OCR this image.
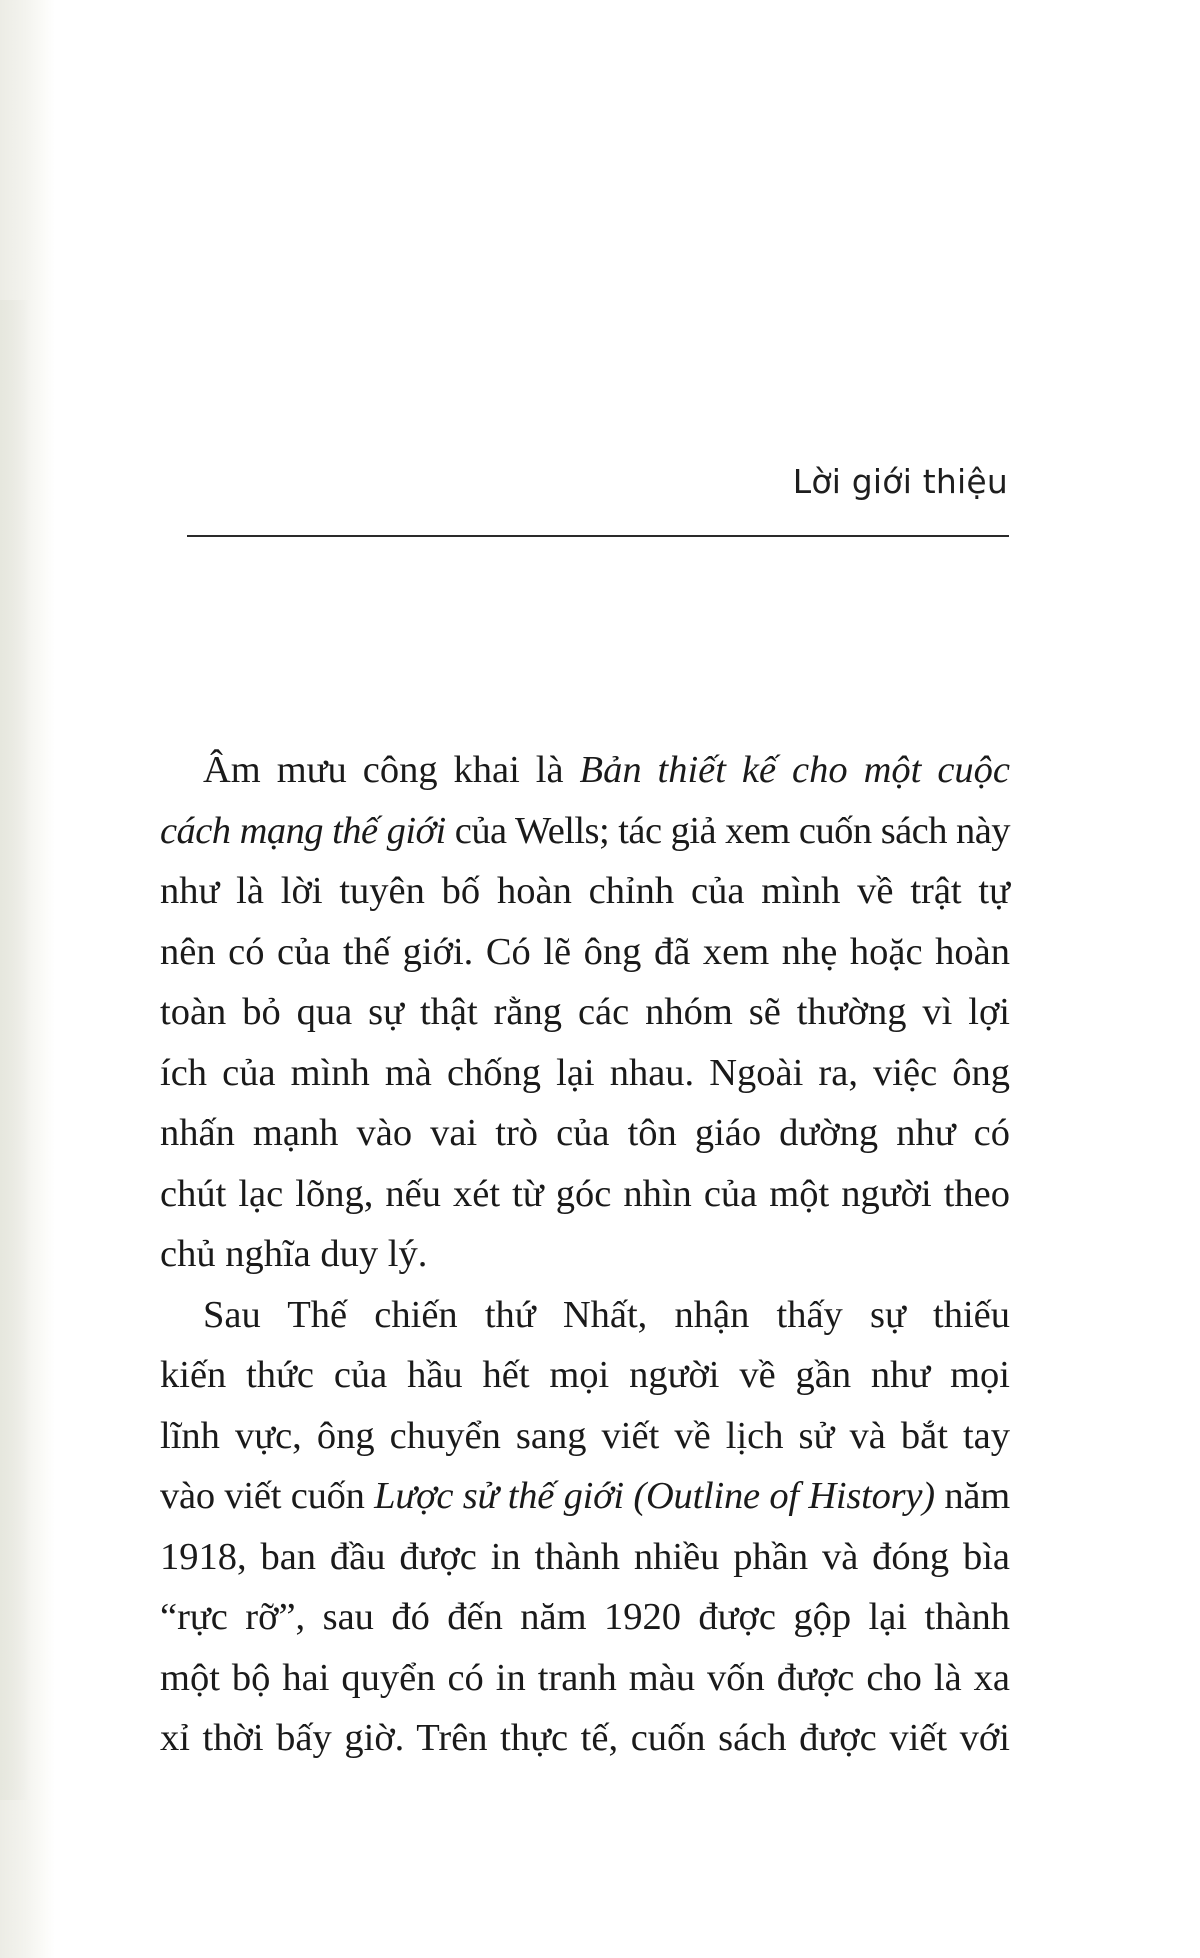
Lời giới thiệu
Âm mưu công khai là Bản thiết kế cho một cuộc
cách mạng thế giới của Wells; tác giả xem cuốn sách này
như là lời tuyên bố hoàn chỉnh của mình về trật tự
nên có của thế giới. Có lẽ ông đã xem nhẹ hoặc hoàn
toàn bỏ qua sự thật rằng các nhóm sẽ thường vì lợi
ích của mình mà chống lại nhau. Ngoài ra, việc ông
nhấn mạnh vào vai trò của tôn giáo dường như có
chút lạc lõng, nếu xét từ góc nhìn của một người theo
chủ nghĩa duy lý.
Sau Thế chiến thứ Nhất, nhận thấy sự thiếu
kiến thức của hầu hết mọi người về gần như mọi
lĩnh vực, ông chuyển sang viết về lịch sử và bắt tay
vào viết cuốn Lược sử thế giới (Outline of History) năm
1918, ban đầu được in thành nhiều phần và đóng bìa
“rực rỡ”, sau đó đến năm 1920 được gộp lại thành
một bộ hai quyển có in tranh màu vốn được cho là xa
xỉ thời bấy giờ. Trên thực tế, cuốn sách được viết với
